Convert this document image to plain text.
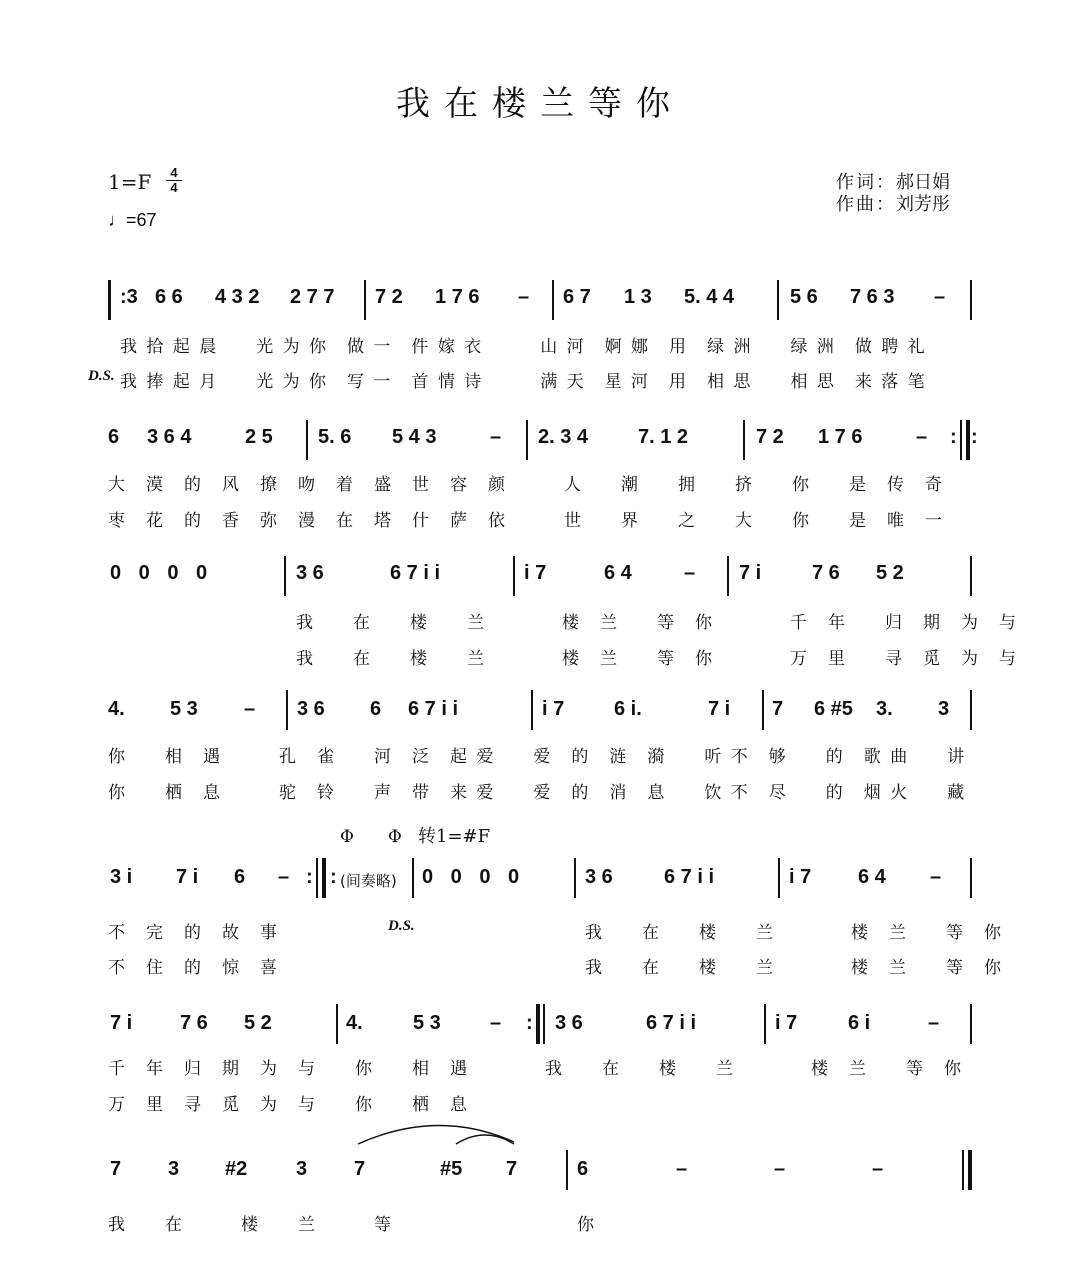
我在楼兰等你
1=F	4
4
♩=67
作词：郝日娟
作曲：刘芳彤
:3 6 6 4 3 2 2 7 7 7 2 1 7 6 – 6 7 1 3 5. 4 4	5 6 7 6 3 –
我 拾 起 晨　　光 为 你　做 一　件 嫁 衣　　　山 河　婀 娜　用　绿 洲　　绿 洲　做 聘 礼
D.S. 我 捧 起 月　　光 为 你　写 一　首 情 诗　　　满 天　星 河　用　相 思　　相 思　来 落 笔
6 3 6 4	2 5 5. 6 5 4 3	– 2. 3 4 7. 1 2	7 2 1 7 6	– : :
大　漠　的　风　撩　吻　着　盛　世　容　颜　　　人　　潮　　拥　　挤　　你　　是　传　奇
枣　花　的　香　弥　漫　在　塔　什　萨　依　　　世　　界　　之　　大　　你　　是　唯　一
0 0 0 0	3 6	6 7 i i	i 7	6 4	– 7 i	7 6 5 2
我　　在　　楼　　兰　　　　楼　兰　　等　你　　　　千　年　　归　期　为　与
我　　在　　楼　　兰　　　　楼　兰　　等　你　　　　万　里　　寻　觅　为　与
4. 5 3 – 3 6 6 6 7 i i	i 7 6 i.	7 i 7 6 #5 3. 3
你　　相　遇　　　孔　雀　　河　泛　起 爱　　爱　的　涟　漪　　听 不　够　　的　歌 曲　　讲
你　　栖　息　　　驼　铃　　声　带　来 爱　　爱　的　消　息　　饮 不　尽　　的　烟 火　　藏
Φ　　Φ 转1=#F
3 i 7 i 6 – : : (间奏略) 0 0 0 0	3 6	6 7 i i	i 7 6 4 –
不　完　的　故　事	D.S.	我　　在　　楼　　兰　　　　楼　兰　　等　你
不　住　的　惊　喜	我　　在　　楼　　兰　　　　楼　兰　　等　你
7 i 7 6 5 2	4.	5 3 – : 3 6	6 7 i i	i 7	6 i	–
千　年　归　期　为　与　　你　　相　遇　　　　我　　在　　楼　　兰　　　　楼　兰　　等　你
万　里　寻　觅　为　与　　你　　栖　息
7 3 #2 3 7	#5 7	6	–	–	–
我　　在　　　楼　　兰　　　等	你
